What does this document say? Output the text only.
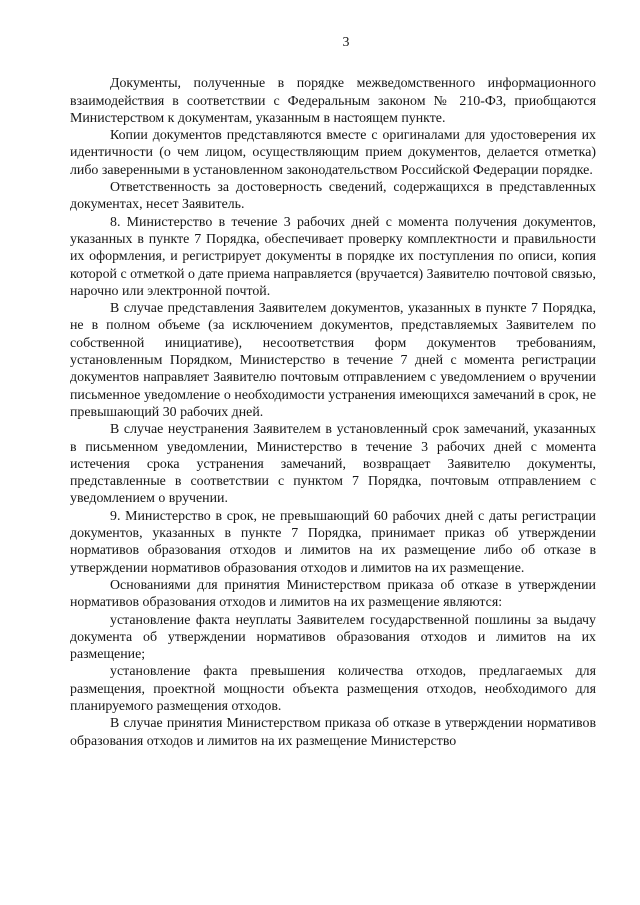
3

Документы, полученные в порядке межведомственного информационного взаимодействия в соответствии с Федеральным законом № 210-ФЗ, приобщаются Министерством к документам, указанным в настоящем пункте.

Копии документов представляются вместе с оригиналами для удостоверения их идентичности (о чем лицом, осуществляющим прием документов, делается отметка) либо заверенными в установленном законодательством Российской Федерации порядке.

Ответственность за достоверность сведений, содержащихся в представленных документах, несет Заявитель.

8. Министерство в течение 3 рабочих дней с момента получения документов, указанных в пункте 7 Порядка, обеспечивает проверку комплектности и правильности их оформления, и регистрирует документы в порядке их поступления по описи, копия которой с отметкой о дате приема направляется (вручается) Заявителю почтовой связью, нарочно или электронной почтой.

В случае представления Заявителем документов, указанных в пункте 7 Порядка, не в полном объеме (за исключением документов, представляемых Заявителем по собственной инициативе), несоответствия форм документов требованиям, установленным Порядком, Министерство в течение 7 дней с момента регистрации документов направляет Заявителю почтовым отправлением с уведомлением о вручении письменное уведомление о необходимости устранения имеющихся замечаний в срок, не превышающий 30 рабочих дней.

В случае неустранения Заявителем в установленный срок замечаний, указанных в письменном уведомлении, Министерство в течение 3 рабочих дней с момента истечения срока устранения замечаний, возвращает Заявителю документы, представленные в соответствии с пунктом 7 Порядка, почтовым отправлением с уведомлением о вручении.

9. Министерство в срок, не превышающий 60 рабочих дней с даты регистрации документов, указанных в пункте 7 Порядка, принимает приказ об утверждении нормативов образования отходов и лимитов на их размещение либо об отказе в утверждении нормативов образования отходов и лимитов на их размещение.

Основаниями для принятия Министерством приказа об отказе в утверждении нормативов образования отходов и лимитов на их размещение являются:

установление факта неуплаты Заявителем государственной пошлины за выдачу документа об утверждении нормативов образования отходов и лимитов на их размещение;

установление факта превышения количества отходов, предлагаемых для размещения, проектной мощности объекта размещения отходов, необходимого для планируемого размещения отходов.

В случае принятия Министерством приказа об отказе в утверждении нормативов образования отходов и лимитов на их размещение Министерство
